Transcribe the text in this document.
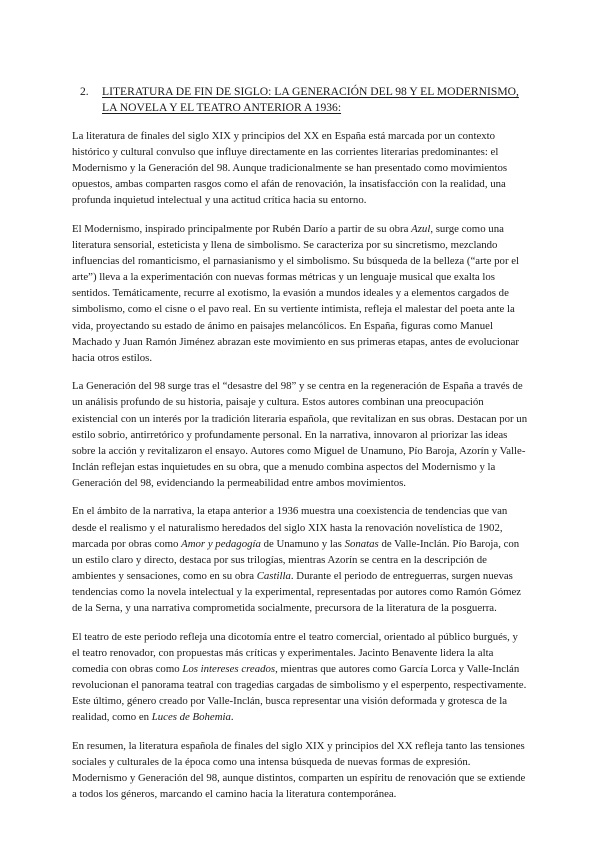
2.	LITERATURA DE FIN DE SIGLO: LA GENERACIÓN DEL 98 Y EL MODERNISMO, LA NOVELA Y EL TEATRO ANTERIOR A 1936:

La literatura de finales del siglo XIX y principios del XX en España está marcada por un contexto histórico y cultural convulso que influye directamente en las corrientes literarias predominantes: el Modernismo y la Generación del 98. Aunque tradicionalmente se han presentado como movimientos opuestos, ambas comparten rasgos como el afán de renovación, la insatisfacción con la realidad, una profunda inquietud intelectual y una actitud crítica hacia su entorno.

El Modernismo, inspirado principalmente por Rubén Darío a partir de su obra Azul, surge como una literatura sensorial, esteticista y llena de simbolismo. Se caracteriza por su sincretismo, mezclando influencias del romanticismo, el parnasianismo y el simbolismo. Su búsqueda de la belleza (“arte por el arte”) lleva a la experimentación con nuevas formas métricas y un lenguaje musical que exalta los sentidos. Temáticamente, recurre al exotismo, la evasión a mundos ideales y a elementos cargados de simbolismo, como el cisne o el pavo real. En su vertiente intimista, refleja el malestar del poeta ante la vida, proyectando su estado de ánimo en paisajes melancólicos. En España, figuras como Manuel Machado y Juan Ramón Jiménez abrazan este movimiento en sus primeras etapas, antes de evolucionar hacia otros estilos.

La Generación del 98 surge tras el “desastre del 98” y se centra en la regeneración de España a través de un análisis profundo de su historia, paisaje y cultura. Estos autores combinan una preocupación existencial con un interés por la tradición literaria española, que revitalizan en sus obras. Destacan por un estilo sobrio, antirretórico y profundamente personal. En la narrativa, innovaron al priorizar las ideas sobre la acción y revitalizaron el ensayo. Autores como Miguel de Unamuno, Pío Baroja, Azorín y Valle-Inclán reflejan estas inquietudes en su obra, que a menudo combina aspectos del Modernismo y la Generación del 98, evidenciando la permeabilidad entre ambos movimientos.

En el ámbito de la narrativa, la etapa anterior a 1936 muestra una coexistencia de tendencias que van desde el realismo y el naturalismo heredados del siglo XIX hasta la renovación novelística de 1902, marcada por obras como Amor y pedagogía de Unamuno y las Sonatas de Valle-Inclán. Pío Baroja, con un estilo claro y directo, destaca por sus trilogías, mientras Azorín se centra en la descripción de ambientes y sensaciones, como en su obra Castilla. Durante el periodo de entreguerras, surgen nuevas tendencias como la novela intelectual y la experimental, representadas por autores como Ramón Gómez de la Serna, y una narrativa comprometida socialmente, precursora de la literatura de la posguerra.

El teatro de este periodo refleja una dicotomía entre el teatro comercial, orientado al público burgués, y el teatro renovador, con propuestas más críticas y experimentales. Jacinto Benavente lidera la alta comedia con obras como Los intereses creados, mientras que autores como García Lorca y Valle-Inclán revolucionan el panorama teatral con tragedias cargadas de simbolismo y el esperpento, respectivamente. Este último, género creado por Valle-Inclán, busca representar una visión deformada y grotesca de la realidad, como en Luces de Bohemia.

En resumen, la literatura española de finales del siglo XIX y principios del XX refleja tanto las tensiones sociales y culturales de la época como una intensa búsqueda de nuevas formas de expresión. Modernismo y Generación del 98, aunque distintos, comparten un espíritu de renovación que se extiende a todos los géneros, marcando el camino hacia la literatura contemporánea.
